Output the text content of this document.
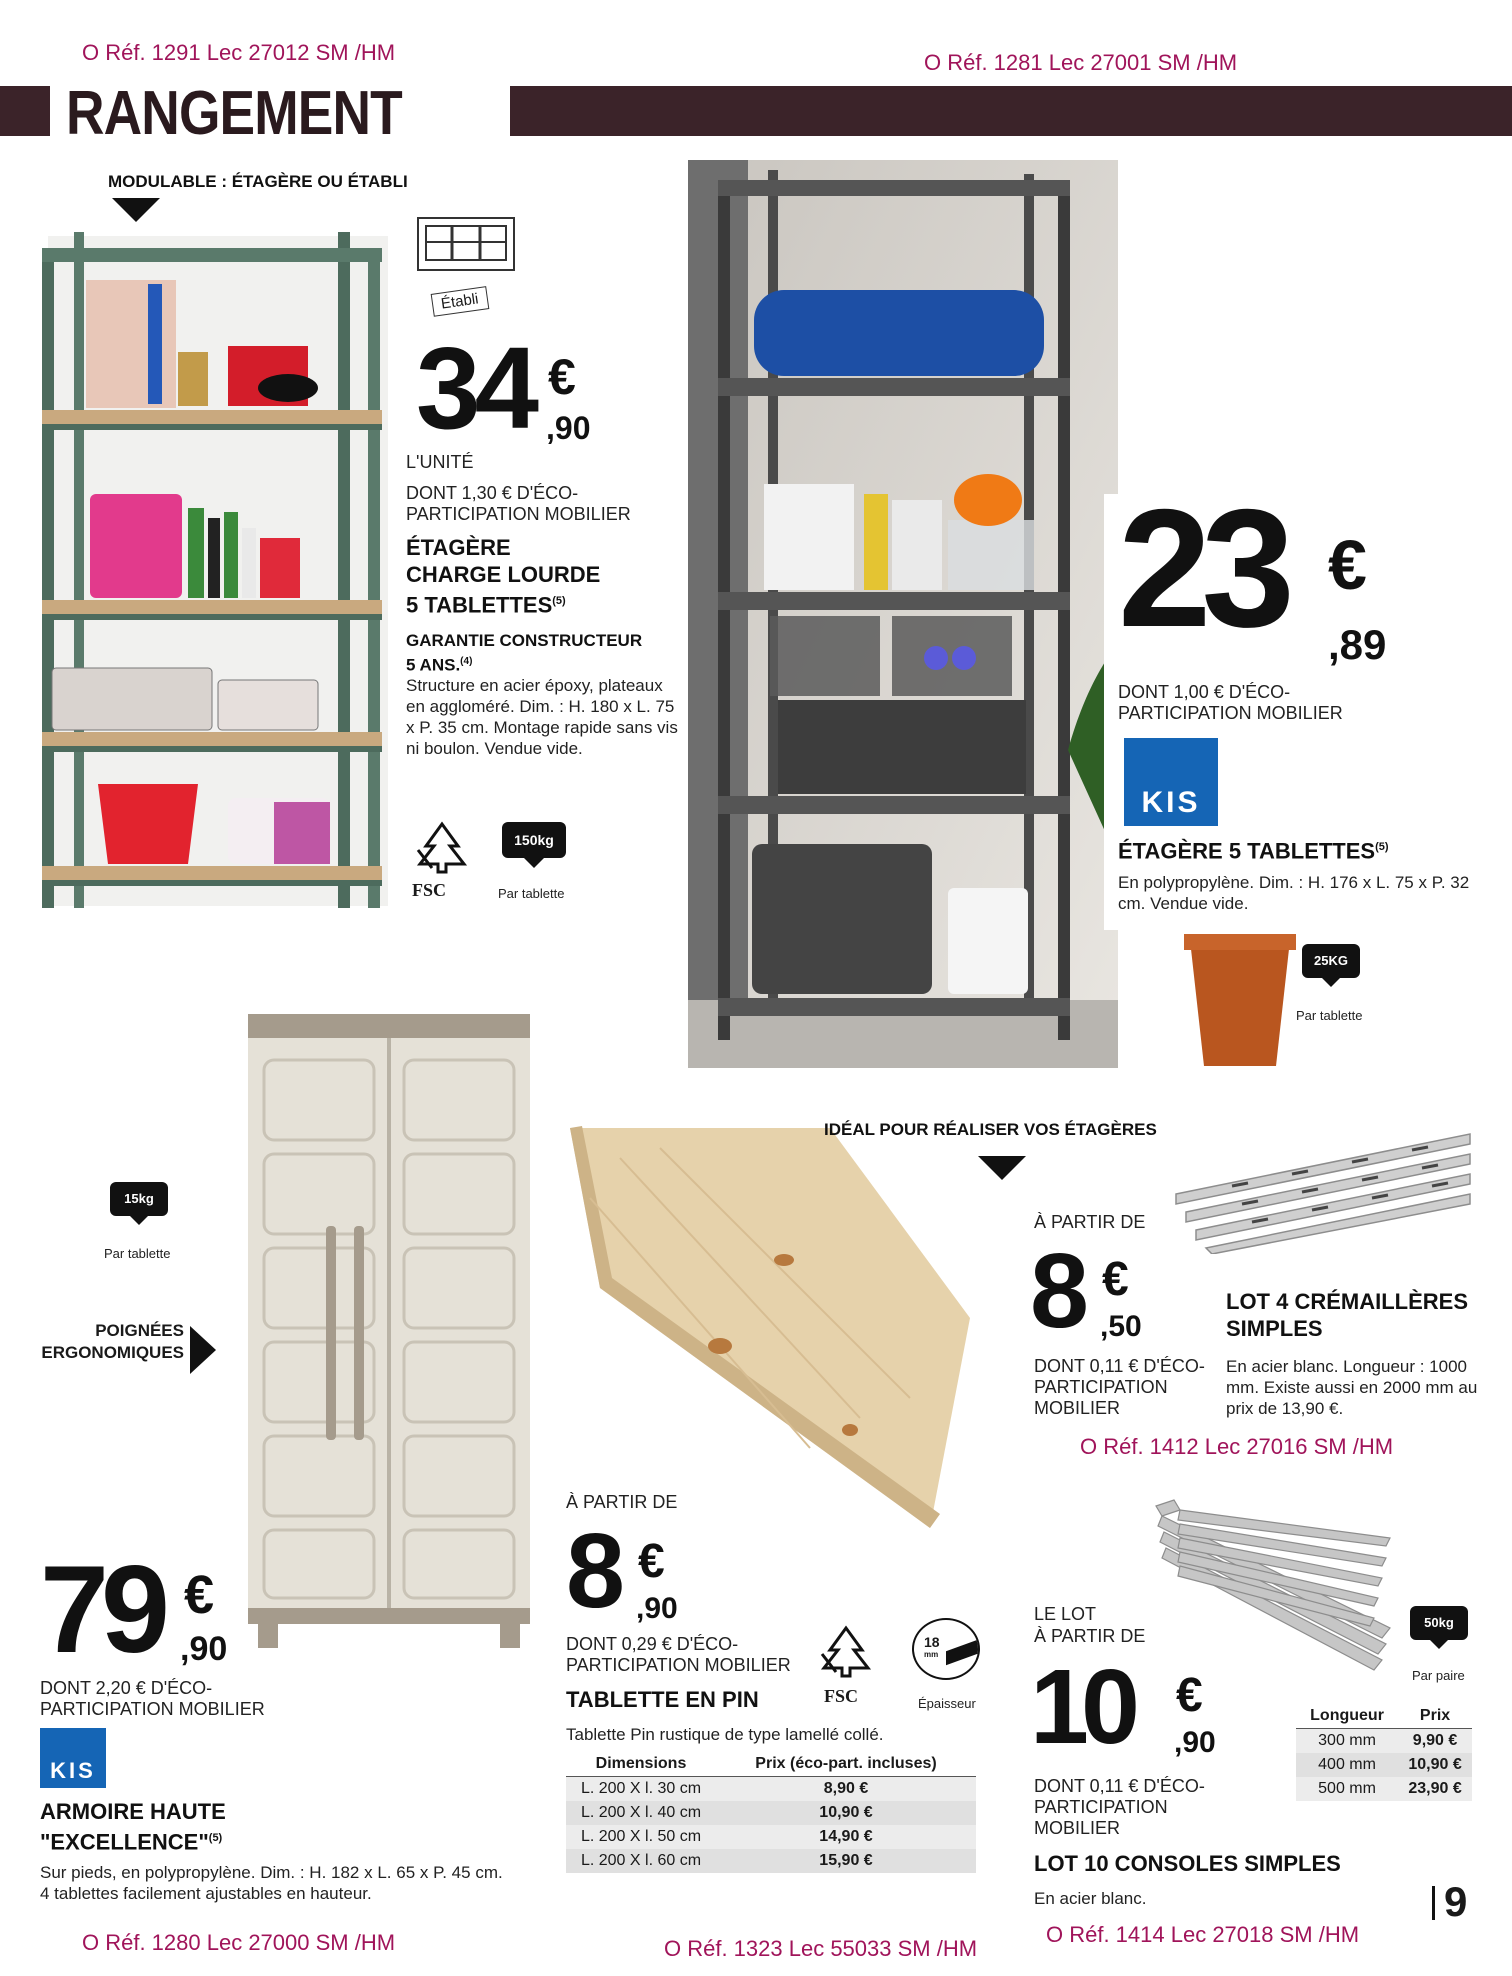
O Réf. 1291 Lec 27012 SM /HM	O Réf. 1281 Lec 27001 SM /HM
RANGEMENT
MODULABLE : ÉTAGÈRE OU ÉTABLI
Établi
34 €
,90
L'UNITÉ
DONT 1,30 € D'ÉCO-PARTICIPATION MOBILIER
ÉTAGÈRE
CHARGE LOURDE
5 TABLETTES$^{(5)}$
GARANTIE CONSTRUCTEUR
5 ANS.$^{(4)}$
Structure en acier époxy, plateaux en aggloméré. Dim. : H. 180 x L. 75 x P. 35 cm. Montage rapide sans vis ni boulon. Vendue vide.
FSC
150kg
Par tablette
23 €
,89
DONT 1,00 € D'ÉCO-PARTICIPATION MOBILIER
KIS
ÉTAGÈRE 5 TABLETTES$^{(5)}$
En polypropylène. Dim. : H. 176 x L. 75 x P. 32 cm. Vendue vide.
25KG
Par tablette
15kg
Par tablette
POIGNÉES ERGONOMIQUES
79 €
,90
DONT 2,20 € D'ÉCO-PARTICIPATION MOBILIER
KIS
ARMOIRE HAUTE
"EXCELLENCE"$^{(5)}$
Sur pieds, en polypropylène. Dim. : H. 182 x L. 65 x P. 45 cm. 4 tablettes facilement ajustables en hauteur.
O Réf. 1280 Lec 27000 SM /HM
IDÉAL POUR RÉALISER VOS ÉTAGÈRES
À PARTIR DE
8 €
,90
DONT 0,29 € D'ÉCO-PARTICIPATION MOBILIER
TABLETTE EN PIN
Tablette Pin rustique de type lamellé collé.
FSC
18
mm
Épaisseur
Dimensions	Prix (éco-part. incluses)
L. 200 X l. 30 cm	8,90 €
L. 200 X l. 40 cm	10,90 €
L. 200 X l. 50 cm	14,90 €
L. 200 X l. 60 cm	15,90 €
O Réf. 1323 Lec 55033 SM /HM
À PARTIR DE
8 €
,50
DONT 0,11 € D'ÉCO-PARTICIPATION MOBILIER
LOT 4 CRÉMAILLÈRES
SIMPLES
En acier blanc. Longueur : 1000 mm. Existe aussi en 2000 mm au prix de 13,90 €.
O Réf. 1412 Lec 27016 SM /HM
50kg
Par paire
LE LOT
À PARTIR DE
10 €
,90
DONT 0,11 € D'ÉCO-PARTICIPATION MOBILIER
LOT 10 CONSOLES SIMPLES
En acier blanc.
Longueur	Prix
300 mm	9,90 €
400 mm	10,90 €
500 mm	23,90 €
O Réf. 1414 Lec 27018 SM /HM
9
